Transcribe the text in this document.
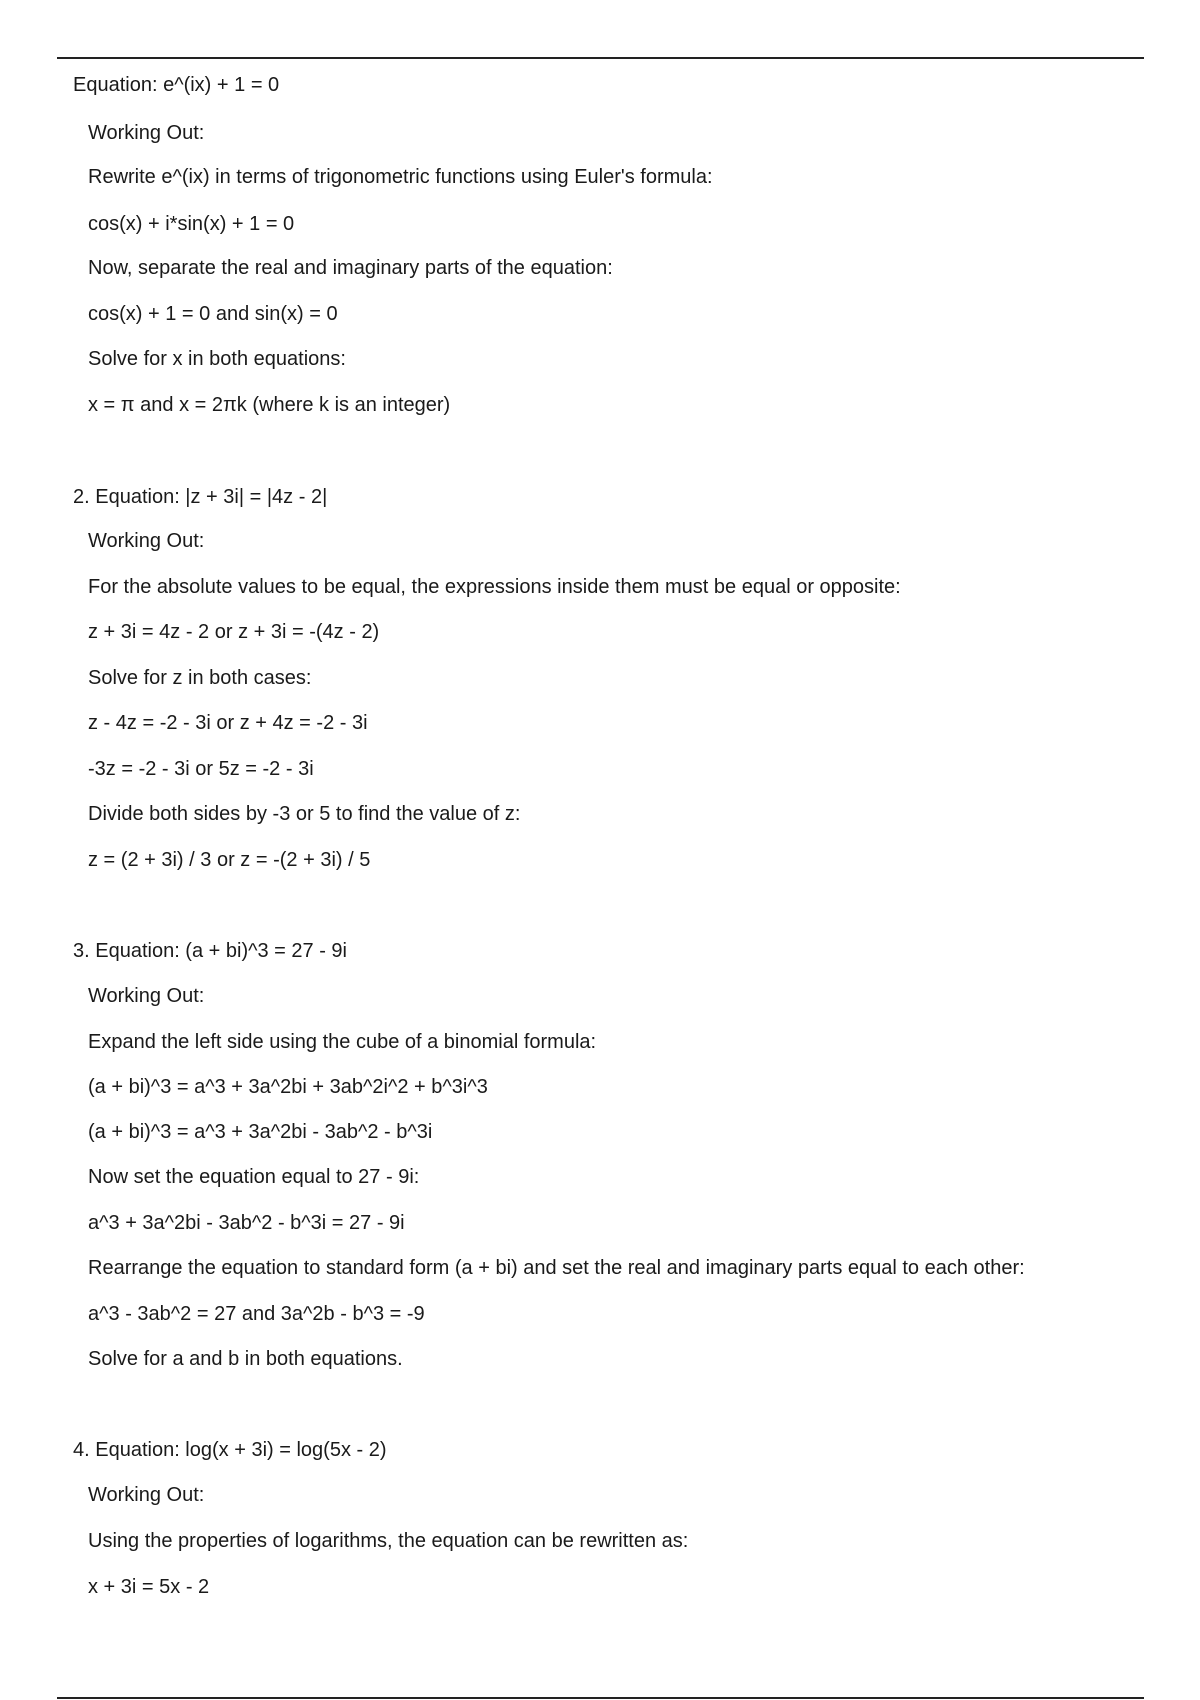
Equation: e^(ix) + 1 = 0
Working Out:
Rewrite e^(ix) in terms of trigonometric functions using Euler's formula:
cos(x) + i*sin(x) + 1 = 0
Now, separate the real and imaginary parts of the equation:
cos(x) + 1 = 0 and sin(x) = 0
Solve for x in both equations:
x = π and x = 2πk (where k is an integer)
2. Equation: |z + 3i| = |4z - 2|
Working Out:
For the absolute values to be equal, the expressions inside them must be equal or opposite:
z + 3i = 4z - 2 or z + 3i = -(4z - 2)
Solve for z in both cases:
z - 4z = -2 - 3i or z + 4z = -2 - 3i
-3z = -2 - 3i or 5z = -2 - 3i
Divide both sides by -3 or 5 to find the value of z:
z = (2 + 3i) / 3 or z = -(2 + 3i) / 5
3. Equation: (a + bi)^3 = 27 - 9i
Working Out:
Expand the left side using the cube of a binomial formula:
(a + bi)^3 = a^3 + 3a^2bi + 3ab^2i^2 + b^3i^3
(a + bi)^3 = a^3 + 3a^2bi - 3ab^2 - b^3i
Now set the equation equal to 27 - 9i:
a^3 + 3a^2bi - 3ab^2 - b^3i = 27 - 9i
Rearrange the equation to standard form (a + bi) and set the real and imaginary parts equal to each other:
a^3 - 3ab^2 = 27 and 3a^2b - b^3 = -9
Solve for a and b in both equations.
4. Equation: log(x + 3i) = log(5x - 2)
Working Out:
Using the properties of logarithms, the equation can be rewritten as:
x + 3i = 5x - 2
